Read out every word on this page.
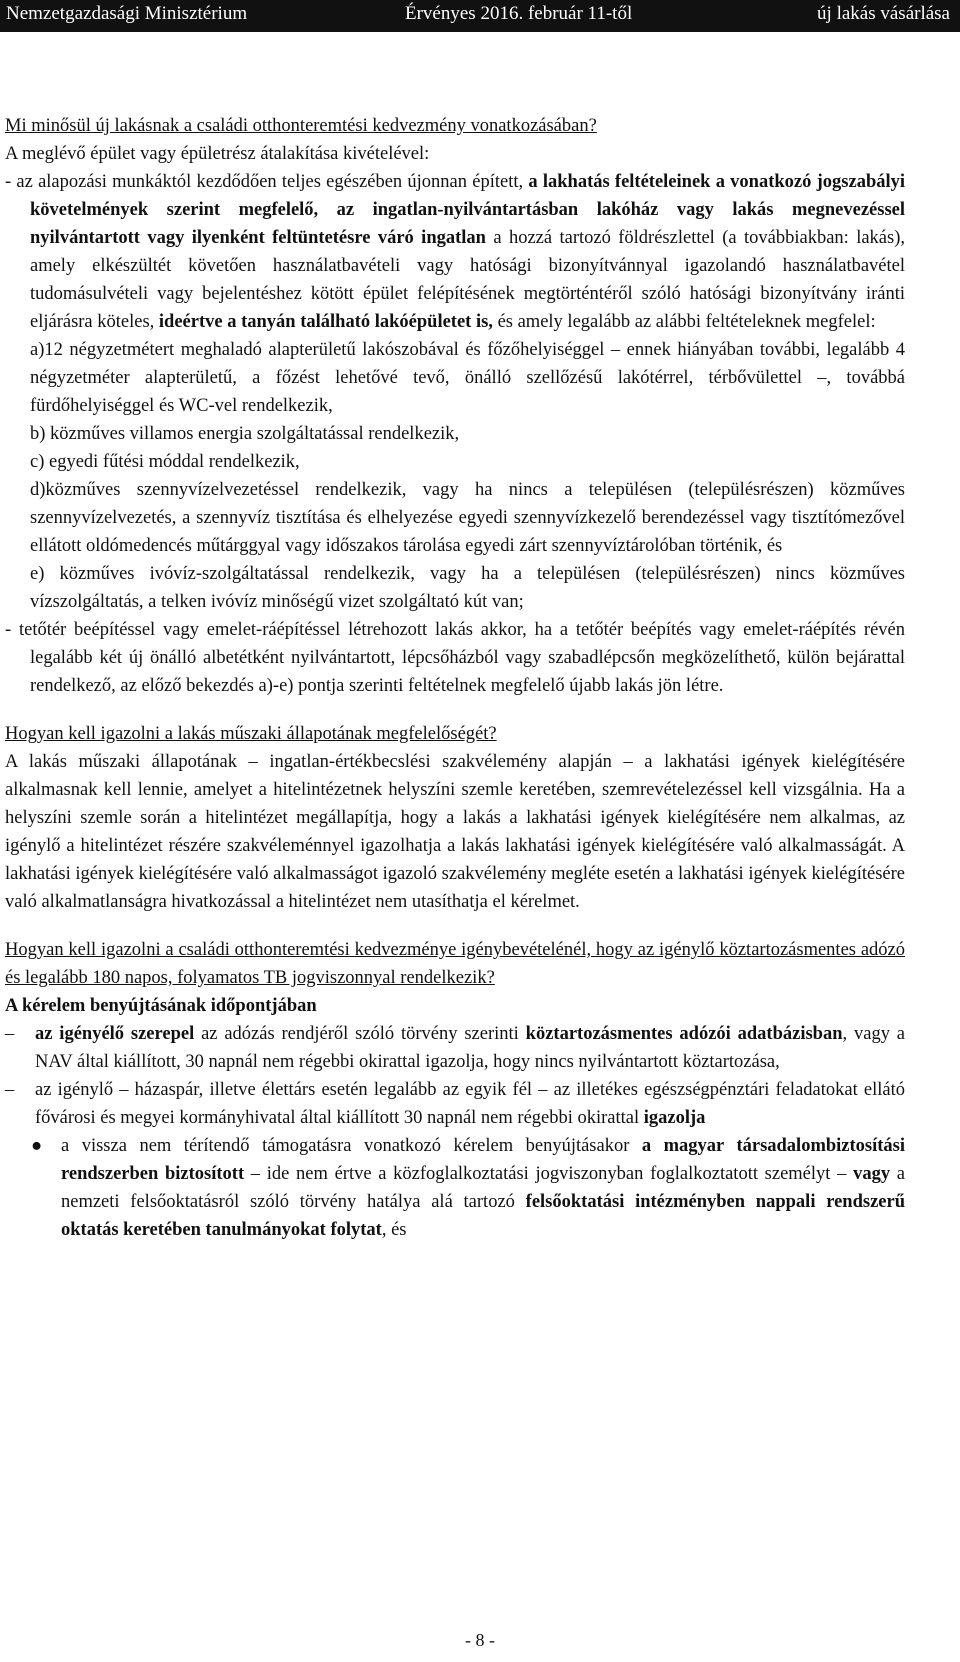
Nemzetgazdasági Minisztérium	Érvényes 2016. február 11-től	új lakás vásárlása

Mi minősül új lakásnak a családi otthonteremtési kedvezmény vonatkozásában?

A meglévő épület vagy épületrész átalakítása kivételével:

- az alapozási munkáktól kezdődően teljes egészében újonnan épített, a lakhatás feltételeinek a vonatkozó jogszabályi követelmények szerint megfelelő, az ingatlan-nyilvántartásban lakóház vagy lakás megnevezéssel nyilvántartott vagy ilyenként feltüntetésre váró ingatlan a hozzá tartozó földrészlettel (a továbbiakban: lakás), amely elkészültét követően használatbavételi vagy hatósági bizonyítvánnyal igazolandó használatbavétel tudomásulvételi vagy bejelentéshez kötött épület felépítésének megtörténtéről szóló hatósági bizonyítvány iránti eljárásra köteles, ideértve a tanyán található lakóépületet is, és amely legalább az alábbi feltételeknek megfelel:

a)12 négyzetmétert meghaladó alapterületű lakószobával és főzőhelyiséggel – ennek hiányában további, legalább 4 négyzetméter alapterületű, a főzést lehetővé tevő, önálló szellőzésű lakótérrel, térbővülettel –, továbbá fürdőhelyiséggel és WC-vel rendelkezik,

b) közműves villamos energia szolgáltatással rendelkezik,

c) egyedi fűtési móddal rendelkezik,

d)közműves szennyvízelvezetéssel rendelkezik, vagy ha nincs a településen (településrészen) közműves szennyvízelvezetés, a szennyvíz tisztítása és elhelyezése egyedi szennyvízkezelő berendezéssel vagy tisztítómezővel ellátott oldómedencés műtárggyal vagy időszakos tárolása egyedi zárt szennyvíztárolóban történik, és

e) közműves ivóvíz-szolgáltatással rendelkezik, vagy ha a településen (településrészen) nincs közműves vízszolgáltatás, a telken ivóvíz minőségű vizet szolgáltató kút van;

- tetőtér beépítéssel vagy emelet-ráépítéssel létrehozott lakás akkor, ha a tetőtér beépítés vagy emelet-ráépítés révén legalább két új önálló albetétként nyilvántartott, lépcsőházból vagy szabadlépcsőn megközelíthető, külön bejárattal rendelkező, az előző bekezdés a)-e) pontja szerinti feltételnek megfelelő újabb lakás jön létre.

Hogyan kell igazolni a lakás műszaki állapotának megfelelőségét?

A lakás műszaki állapotának – ingatlan-értékbecslési szakvélemény alapján – a lakhatási igények kielégítésére alkalmasnak kell lennie, amelyet a hitelintézetnek helyszíni szemle keretében, szemrevételezéssel kell vizsgálnia. Ha a helyszíni szemle során a hitelintézet megállapítja, hogy a lakás a lakhatási igények kielégítésére nem alkalmas, az igénylő a hitelintézet részére szakvéleménnyel igazolhatja a lakás lakhatási igények kielégítésére való alkalmasságát. A lakhatási igények kielégítésére való alkalmasságot igazoló szakvélemény megléte esetén a lakhatási igények kielégítésére való alkalmatlanságra hivatkozással a hitelintézet nem utasíthatja el kérelmet.

Hogyan kell igazolni a családi otthonteremtési kedvezménye igénybevételénél, hogy az igénylő köztartozásmentes adózó és legalább 180 napos, folyamatos TB jogviszonnyal rendelkezik?

A kérelem benyújtásának időpontjában

– az igényélő szerepel az adózás rendjéről szóló törvény szerinti köztartozásmentes adózói adatbázisban, vagy a NAV által kiállított, 30 napnál nem régebbi okirattal igazolja, hogy nincs nyilvántartott köztartozása,

– az igénylő – házaspár, illetve élettárs esetén legalább az egyik fél – az illetékes egészségpénztári feladatokat ellátó fővárosi és megyei kormányhivatal által kiállított 30 napnál nem régebbi okirattal igazolja

● a vissza nem térítendő támogatásra vonatkozó kérelem benyújtásakor a magyar társadalombiztosítási rendszerben biztosított – ide nem értve a közfoglalkoztatási jogviszonyban foglalkoztatott személyt – vagy a nemzeti felsőoktatásról szóló törvény hatálya alá tartozó felsőoktatási intézményben nappali rendszerű oktatás keretében tanulmányokat folytat, és

- 8 -
